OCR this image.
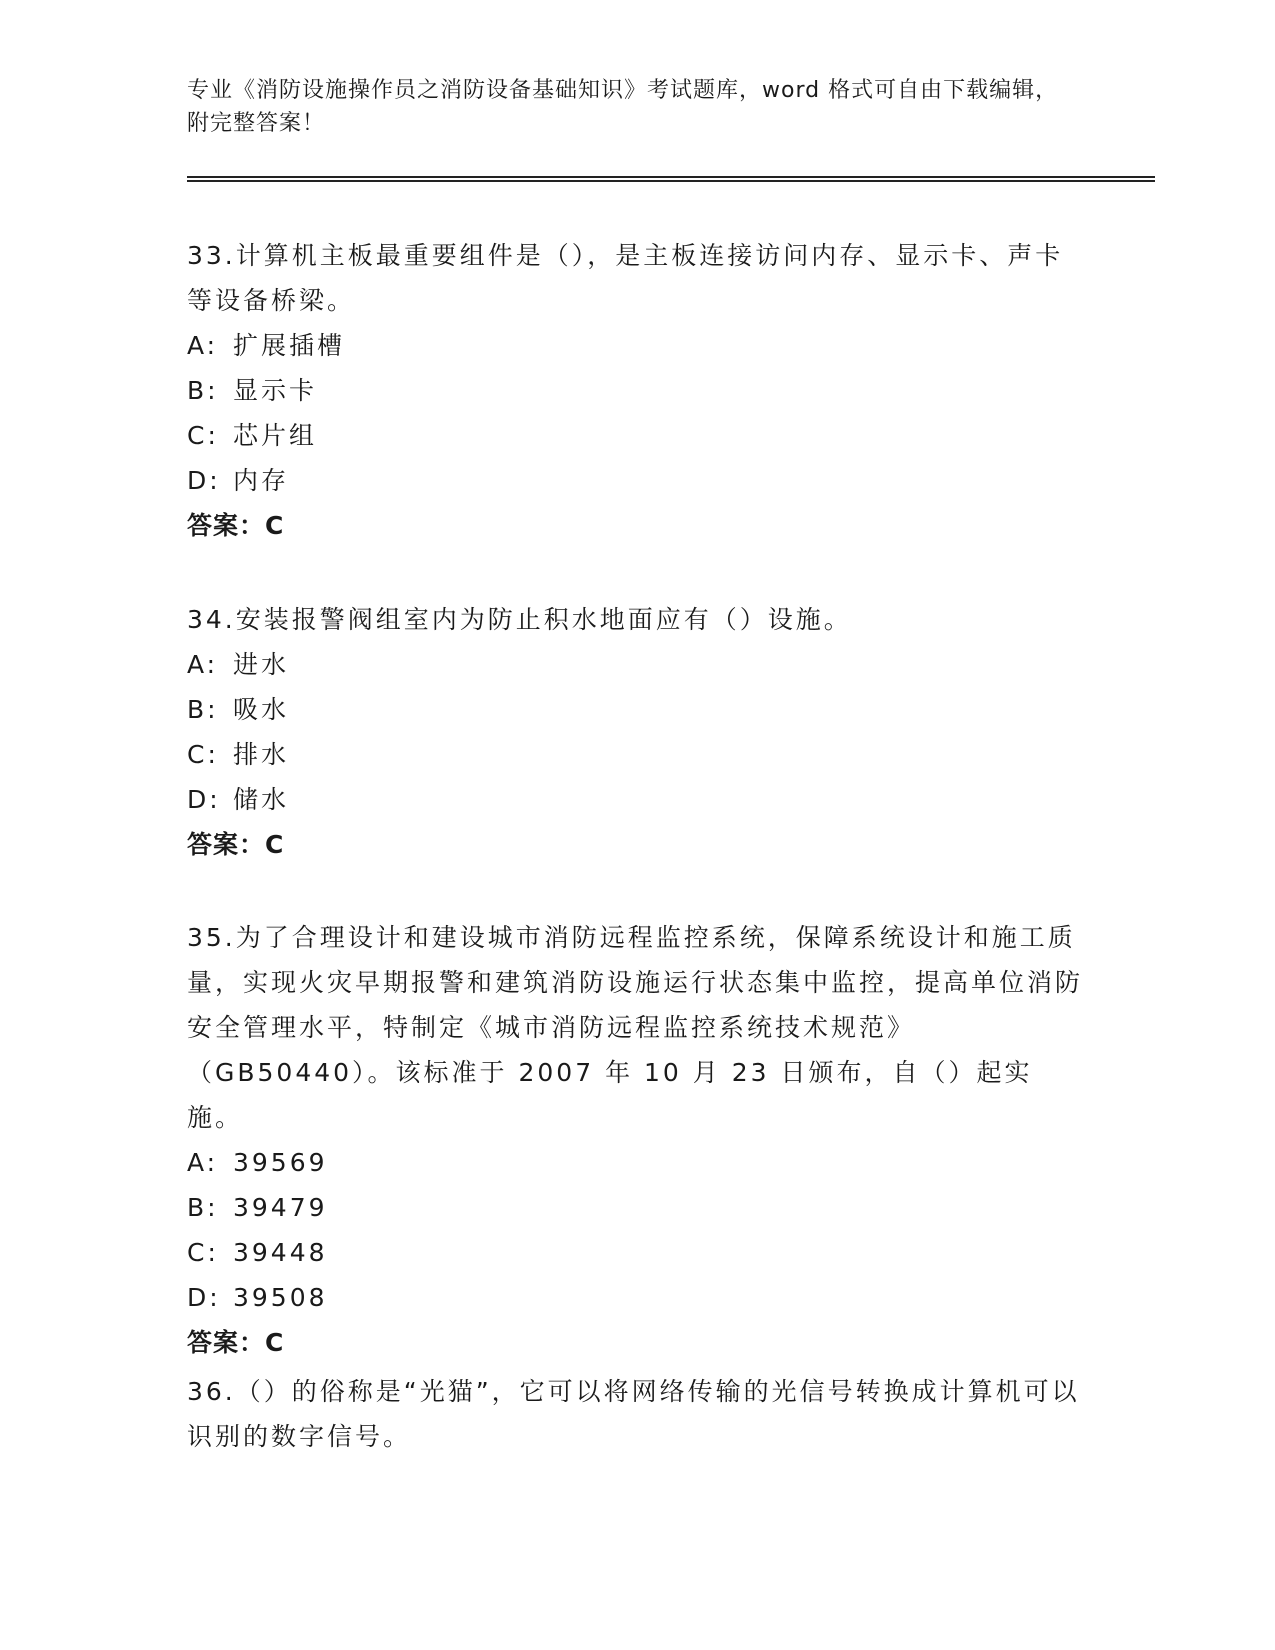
专业《消防设施操作员之消防设备基础知识》考试题库，word 格式可自由下载编辑，附完整答案！

33.计算机主板最重要组件是（），是主板连接访问内存、显示卡、声卡等设备桥梁。

A: 扩展插槽

B: 显示卡

C: 芯片组

D: 内存

答案：C

34.安装报警阀组室内为防止积水地面应有（）设施。

A: 进水

B: 吸水

C: 排水

D: 储水

答案：C

35.为了合理设计和建设城市消防远程监控系统，保障系统设计和施工质量，实现火灾早期报警和建筑消防设施运行状态集中监控，提高单位消防安全管理水平，特制定《城市消防远程监控系统技术规范》（GB50440）。该标准于 2007 年 10 月 23 日颁布，自（）起实施。

A: 39569

B: 39479

C: 39448

D: 39508

答案：C

36.（）的俗称是“光猫”，它可以将网络传输的光信号转换成计算机可以识别的数字信号。
